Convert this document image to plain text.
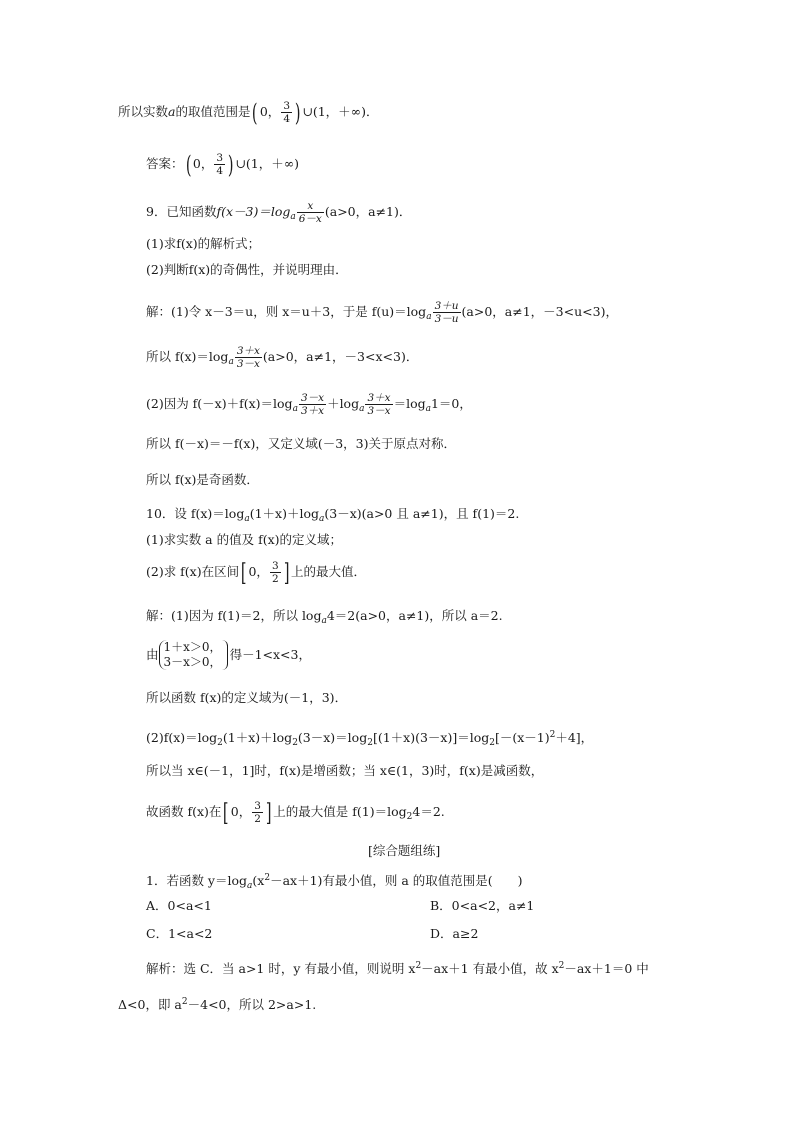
所以实数a的取值范围是( 0， $\frac{3}{4}$ ) ∪(1，＋∞)．
答案：( 0， $\frac{3}{4}$ ) ∪(1，＋∞)
9．已知函数$f(x-3)=\log_a \frac{x}{6-x} (a>0$，a≠1)．
(1)求f(x)的解析式；
(2)判断f(x)的奇偶性，并说明理由．
解：(1)令 x－3＝u，则 x＝u＋3，于是 $f(u)=\log_a \frac{3+u}{3-u} (a>0$，a≠1，－3<u<3)，
所以 $f(x)=\log_a \frac{3+x}{3-x} (a>0$，a≠1，－3<x<3)．
(2)因为 $f(-x)+f(x)=\log_a \frac{3-x}{3+x} +\log_a \frac{3+x}{3-x} =\log_a1=0$，
所以 f(－x)＝－f(x)，又定义域(－3，3)关于原点对称．
所以 f(x)是奇函数．
10．设 $f(x)=\log_a(1+x)+\log_a(3-x)(a>0$ 且 a≠1)，且 f(1)＝2.
(1)求实数 a 的值及 f(x)的定义域；
(2)求 f(x)在区间[ 0， $\frac{3}{2}$ ] 上的最大值．
解：(1)因为 f(1)＝2，所以 $\log_a4=2(a>0$，a≠1)，所以 a＝2.
由 1＋x＞0，
3－x＞0， 得－1<x<3，
所以函数 f(x)的定义域为(－1，3)．
$(2)f(x)=\log_2(1+x)+\log_2(3-x)=\log_2[(1+x)(3-x)]=\log_2[-(x-1)^2+4]$，
所以当 x∈(－1，1]时，f(x)是增函数；当 x∈(1，3)时，f(x)是减函数，
故函数 f(x)在[ 0， $\frac{3}{2}$ ] 上的最大值是 $f(1)=\log_24=2$.
[综合题组练]
1．若函数 $y=\log_a(x^2-ax+1)$有最小值，则 a 的取值范围是(　　)
A．0<a<1	B．0<a<2，a≠1
C．1<a<2	D．a≥2
解析：选 C．当 a>1 时，y 有最小值，则说明 $x^2-ax+1$ 有最小值，故 $x^2-ax+1=0$ 中
Δ<0，即 $a^2-4<0$，所以 2>a>1.
